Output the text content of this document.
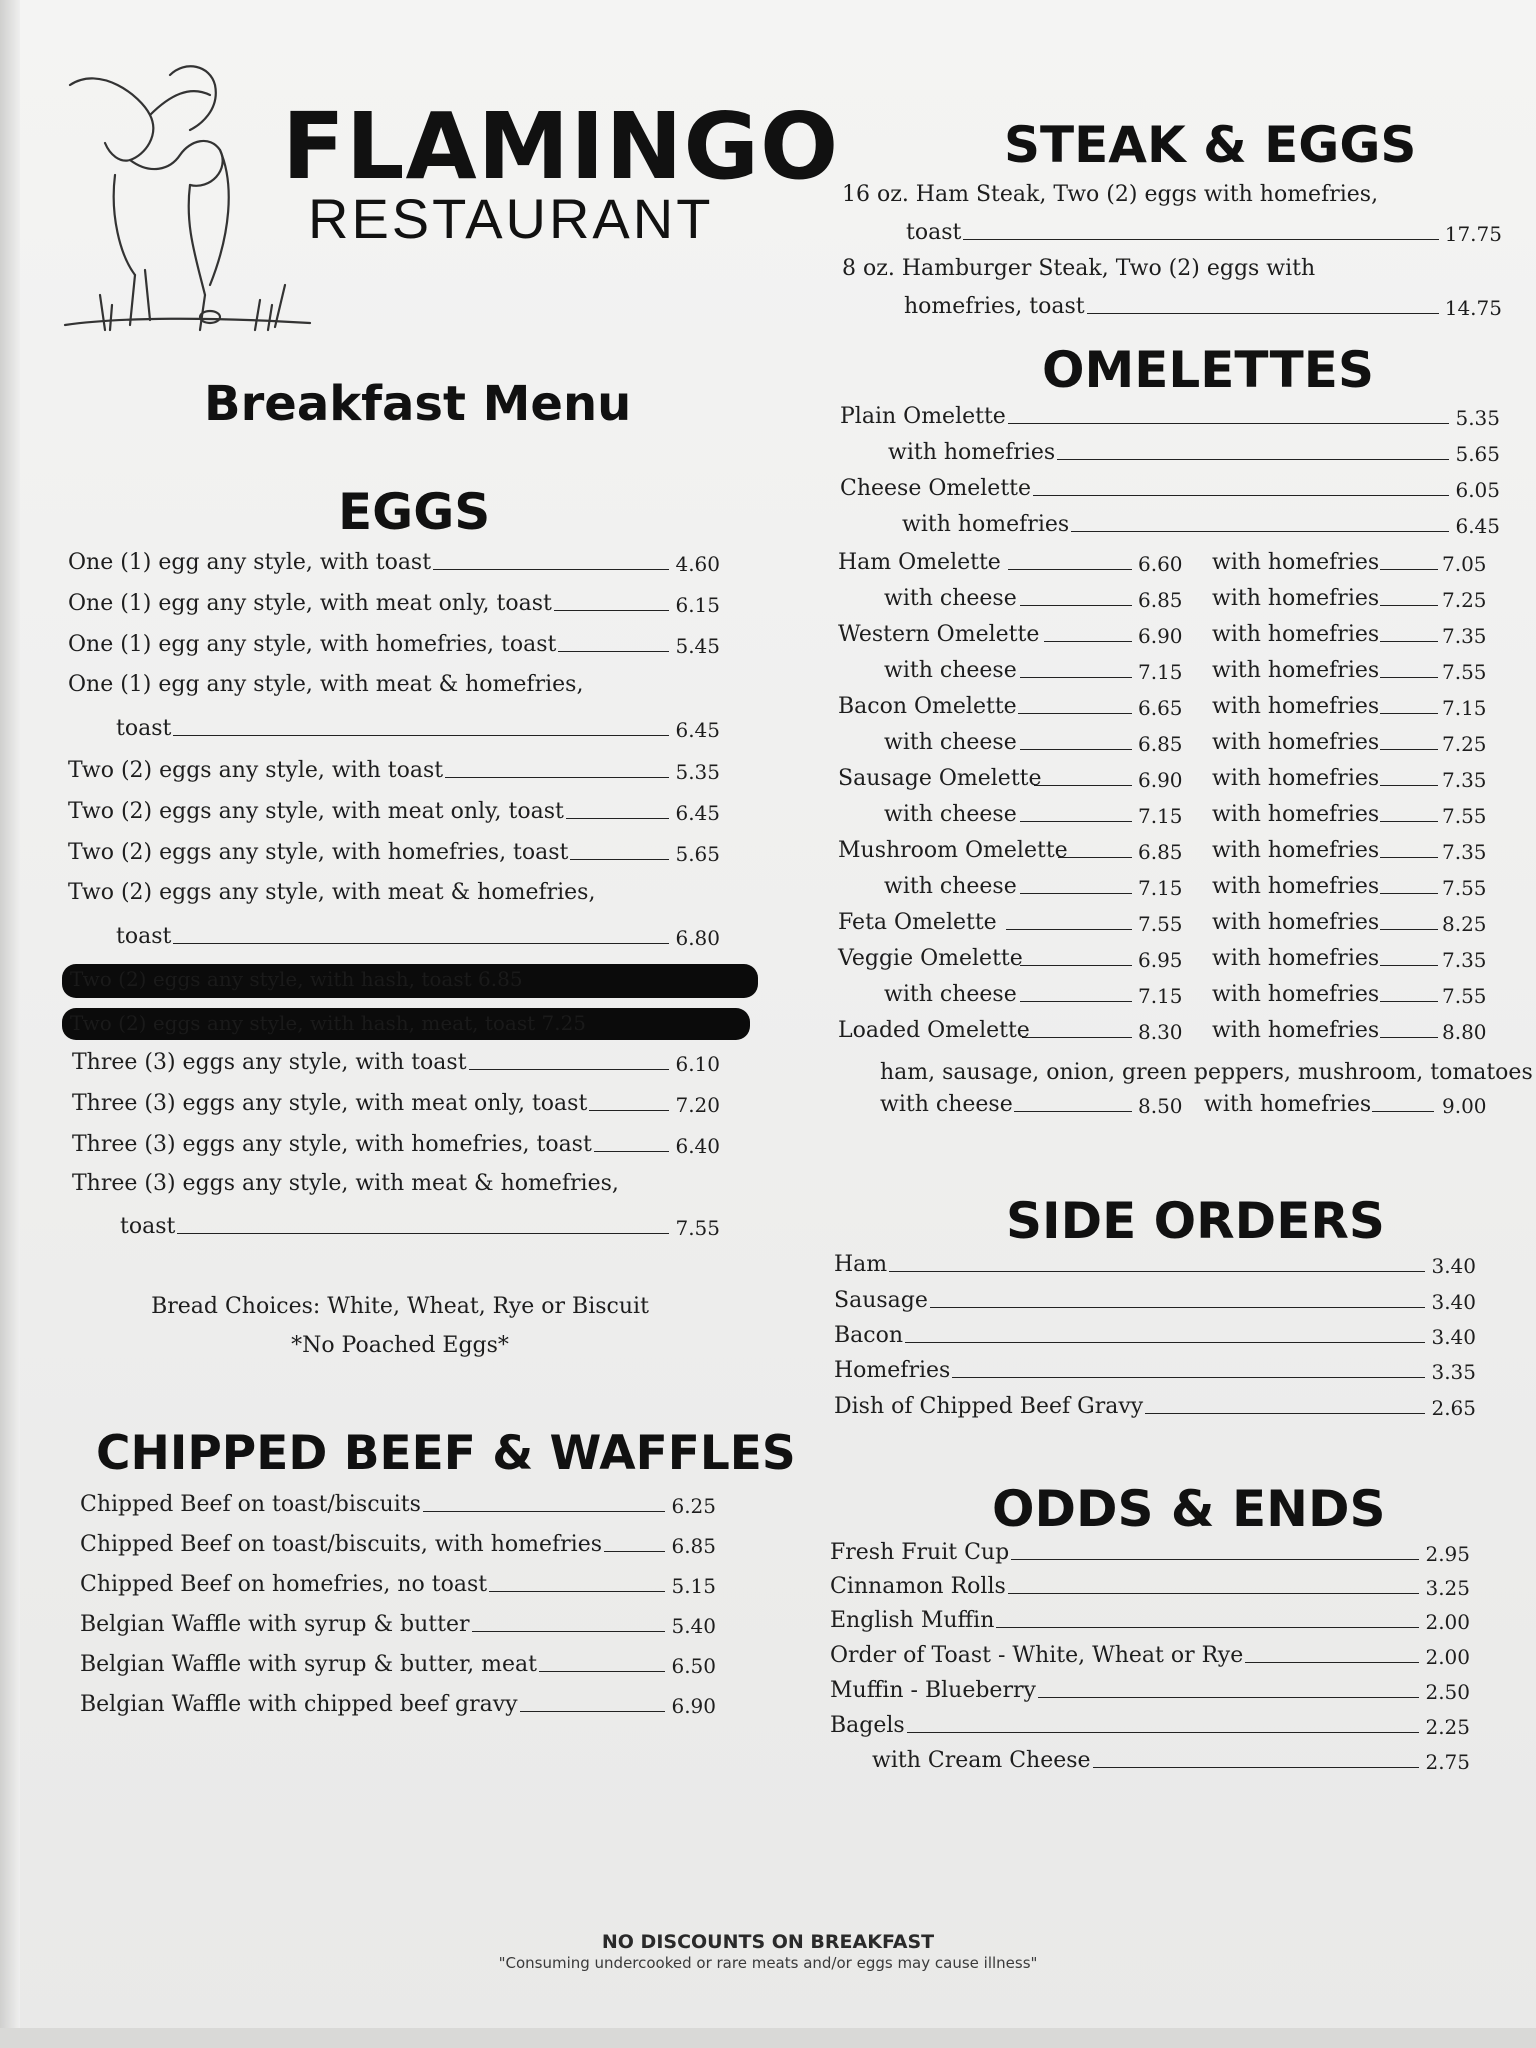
FLAMINGO
RESTAURANT
Breakfast Menu
EGGS
One (1) egg any style, with toast	4.60
One (1) egg any style, with meat only, toast	6.15
One (1) egg any style, with homefries, toast	5.45
One (1) egg any style, with meat & homefries,
toast	6.45
Two (2) eggs any style, with toast	5.35
Two (2) eggs any style, with meat only, toast	6.45
Two (2) eggs any style, with homefries, toast	5.65
Two (2) eggs any style, with meat & homefries,
toast	6.80
Two (2) eggs any style, with hash, toast 6.85
Two (2) eggs any style, with hash, meat, toast 7.25
Three (3) eggs any style, with toast	6.10
Three (3) eggs any style, with meat only, toast	7.20
Three (3) eggs any style, with homefries, toast	6.40
Three (3) eggs any style, with meat & homefries,
toast	7.55
Bread Choices: White, Wheat, Rye or Biscuit
*No Poached Eggs*
CHIPPED BEEF & WAFFLES
Chipped Beef on toast/biscuits	6.25
Chipped Beef on toast/biscuits, with homefries	6.85
Chipped Beef on homefries, no toast	5.15
Belgian Waffle with syrup & butter	5.40
Belgian Waffle with syrup & butter, meat	6.50
Belgian Waffle with chipped beef gravy	6.90
STEAK & EGGS
16 oz. Ham Steak, Two (2) eggs with homefries,
toast	17.75
8 oz. Hamburger Steak, Two (2) eggs with
homefries, toast	14.75
OMELETTES
Plain Omelette	5.35
with homefries	5.65
Cheese Omelette	6.05
with homefries	6.45
Ham Omelette	6.60 with homefries	7.05
with cheese	6.85 with homefries	7.25
Western Omelette	6.90 with homefries	7.35
with cheese	7.15 with homefries	7.55
Bacon Omelette	6.65 with homefries	7.15
with cheese	6.85 with homefries	7.25
Sausage Omelette	6.90 with homefries	7.35
with cheese	7.15 with homefries	7.55
Mushroom Omelette	6.85 with homefries	7.35
with cheese	7.15 with homefries	7.55
Feta Omelette	7.55 with homefries	8.25
Veggie Omelette	6.95 with homefries	7.35
with cheese	7.15 with homefries	7.55
Loaded Omelette	8.30 with homefries	8.80
ham, sausage, onion, green peppers, mushroom, tomatoes
with cheese	8.50 with homefries	9.00
SIDE ORDERS
Ham	3.40
Sausage	3.40
Bacon	3.40
Homefries	3.35
Dish of Chipped Beef Gravy	2.65
ODDS & ENDS
Fresh Fruit Cup	2.95
Cinnamon Rolls	3.25
English Muffin	2.00
Order of Toast - White, Wheat or Rye	2.00
Muffin - Blueberry	2.50
Bagels	2.25
with Cream Cheese	2.75
NO DISCOUNTS ON BREAKFAST
"Consuming undercooked or rare meats and/or eggs may cause illness"
